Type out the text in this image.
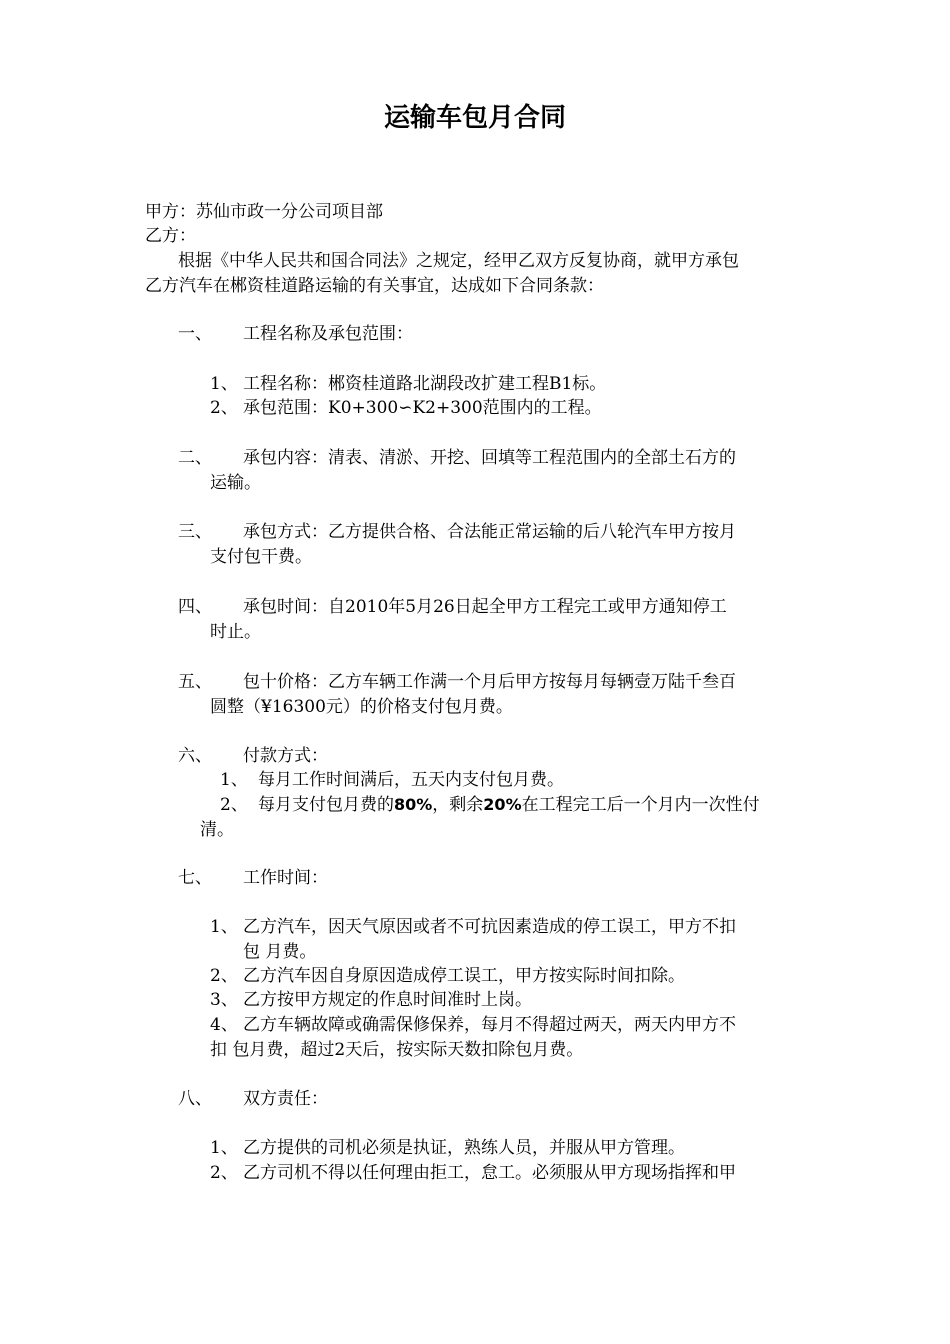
运输车包月合同
甲方：苏仙市政一分公司项目部
乙方：
根据《中华人民共和国合同法》之规定，经甲乙双方反复协商，就甲方承包
乙方汽车在郴资桂道路运输的有关事宜，达成如下合同条款：
一、 工程名称及承包范围：
1、 工程名称：郴资桂道路北湖段改扩建工程B1标。
2、 承包范围：K0+300∽K2+300范围内的工程。
二、 承包内容：清表、清淤、开挖、回填等工程范围内的全部土石方的
运输。
三、 承包方式：乙方提供合格、合法能正常运输的后八轮汽车甲方按月
支付包干费。
四、 承包时间：自2010年5月26日起全甲方工程完工或甲方通知停工
时止。
五、 包十价格：乙方车辆工作满一个月后甲方按每月每辆壹万陆千叁百
圆整（¥16300元）的价格支付包月费。
六、 付款方式：
1、 每月工作时间满后，五天内支付包月费。
2、 每月支付包月费的80%，剩余20%在工程完工后一个月内一次性付
清。
七、 工作时间：
1、 乙方汽车，因天气原因或者不可抗因素造成的停工误工，甲方不扣
包 月费。
2、 乙方汽车因自身原因造成停工误工，甲方按实际时间扣除。
3、 乙方按甲方规定的作息时间准时上岗。
4、 乙方车辆故障或确需保修保养，每月不得超过两天，两天内甲方不
扣 包月费，超过2天后，按实际天数扣除包月费。
八、 双方责任：
1、 乙方提供的司机必须是执证，熟练人员，并服从甲方管理。
2、 乙方司机不得以任何理由拒工，怠工。必须服从甲方现场指挥和甲
